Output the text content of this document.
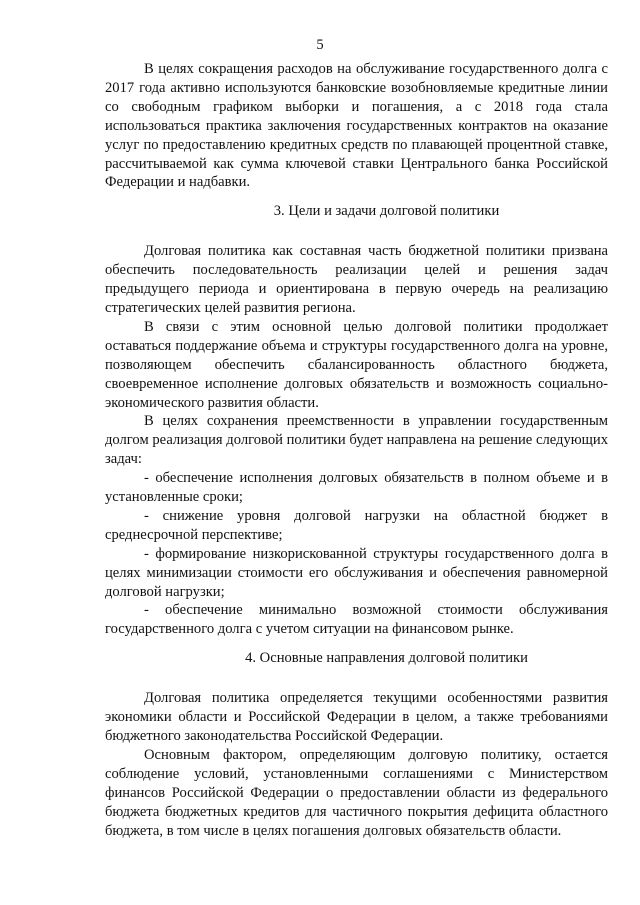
5

В целях сокращения расходов на обслуживание государственного долга с 2017 года активно используются банковские возобновляемые кредитные линии со свободным графиком выборки и погашения, а с 2018 года стала использоваться практика заключения государственных контрактов на оказание услуг по предоставлению кредитных средств по плавающей процентной ставке, рассчитываемой как сумма ключевой ставки Центрального банка Российской Федерации и надбавки.

3. Цели и задачи долговой политики

Долговая политика как составная часть бюджетной политики призвана обеспечить последовательность реализации целей и решения задач предыдущего периода и ориентирована в первую очередь на реализацию стратегических целей развития региона.

В связи с этим основной целью долговой политики продолжает оставаться поддержание объема и структуры государственного долга на уровне, позволяющем обеспечить сбалансированность областного бюджета, своевременное исполнение долговых обязательств и возможность социально-экономического развития области.

В целях сохранения преемственности в управлении государственным долгом реализация долговой политики будет направлена на решение следующих задач:

- обеспечение исполнения долговых обязательств в полном объеме и в установленные сроки;

- снижение уровня долговой нагрузки на областной бюджет в среднесрочной перспективе;

- формирование низкорискованной структуры государственного долга в целях минимизации стоимости его обслуживания и обеспечения равномерной долговой нагрузки;

- обеспечение минимально возможной стоимости обслуживания государственного долга с учетом ситуации на финансовом рынке.

4. Основные направления долговой политики

Долговая политика определяется текущими особенностями развития экономики области и Российской Федерации в целом, а также требованиями бюджетного законодательства Российской Федерации.

Основным фактором, определяющим долговую политику, остается соблюдение условий, установленными соглашениями с Министерством финансов Российской Федерации о предоставлении области из федерального бюджета бюджетных кредитов для частичного покрытия дефицита областного бюджета, в том числе в целях погашения долговых обязательств области.
